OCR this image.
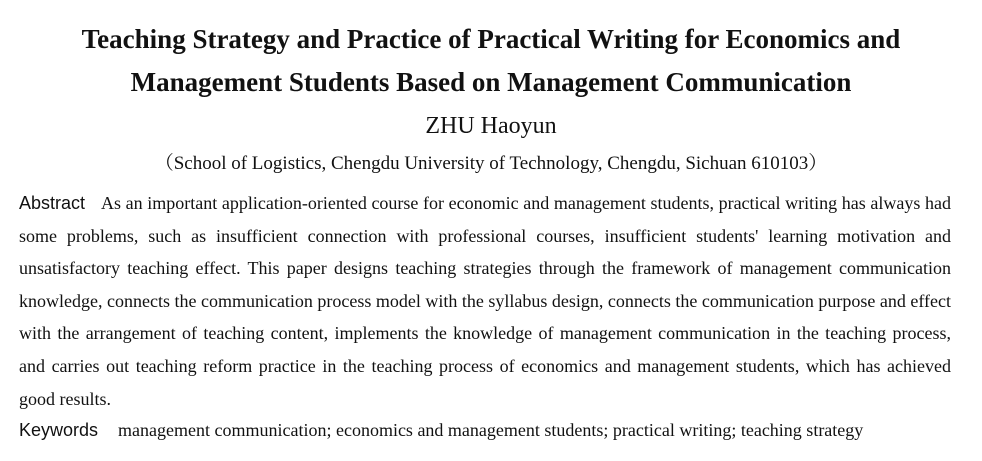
Teaching Strategy and Practice of Practical Writing for Economics and Management Students Based on Management Communication
ZHU Haoyun
（School of Logistics, Chengdu University of Technology, Chengdu, Sichuan 610103）

Abstract As an important application-oriented course for economic and management students, practical writing has always had some problems, such as insufficient connection with professional courses, insufficient students' learning motivation and unsatisfactory teaching effect. This paper designs teaching strategies through the framework of management communication knowledge, connects the communication process model with the syllabus design, connects the communication purpose and effect with the arrangement of teaching content, implements the knowledge of management communication in the teaching process, and carries out teaching reform practice in the teaching process of economics and management students, which has achieved good results.

Keywords management communication; economics and management students; practical writing; teaching strategy
